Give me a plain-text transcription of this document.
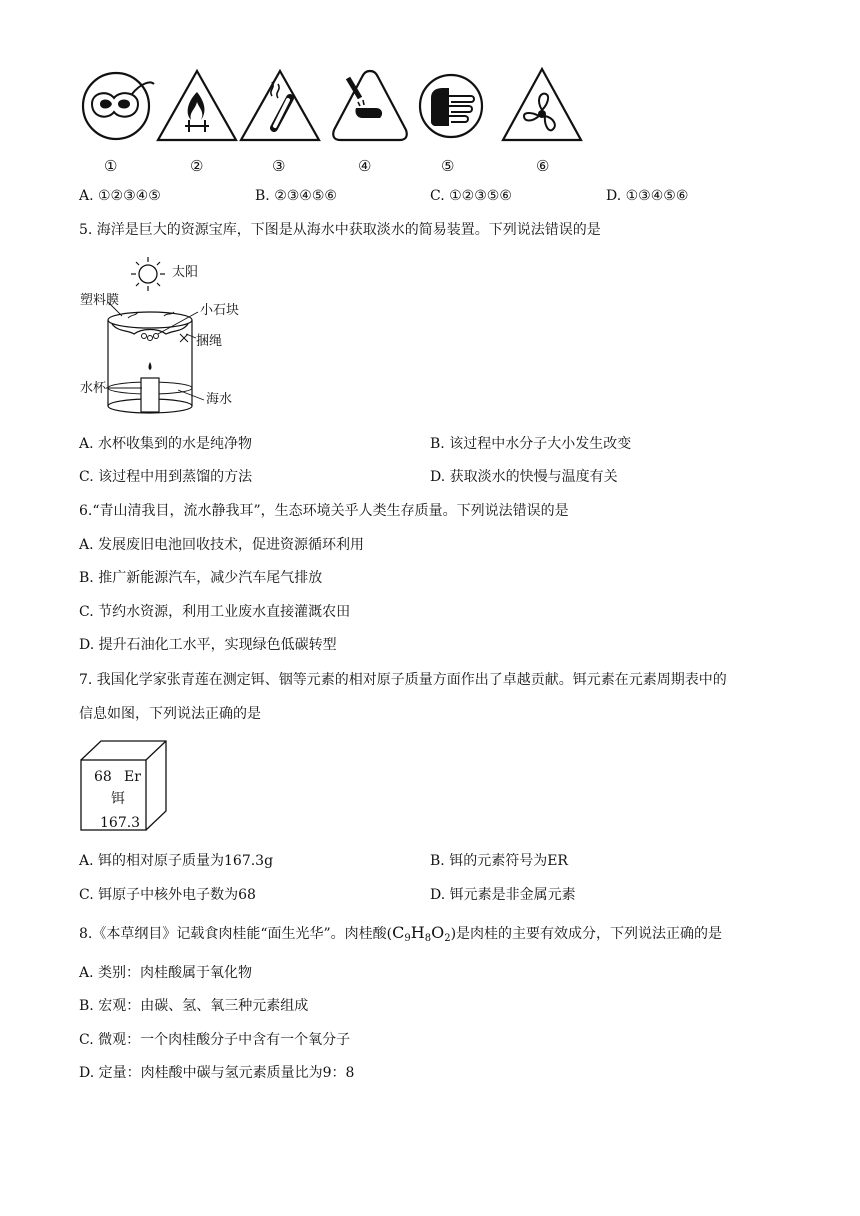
①	②	③	④	⑤	⑥
A. ①②③④⑤	B. ②③④⑤⑥	C. ①②③⑤⑥	D. ①③④⑤⑥
5. 海洋是巨大的资源宝库，下图是从海水中获取淡水的简易装置。下列说法错误的是
太阳
塑料膜
小石块
捆绳
水杯
海水
A. 水杯收集到的水是纯净物	B. 该过程中水分子大小发生改变
C. 该过程中用到蒸馏的方法	D. 获取淡水的快慢与温度有关
6.“青山清我目，流水静我耳”，生态环境关乎人类生存质量。下列说法错误的是
A. 发展废旧电池回收技术，促进资源循环利用
B. 推广新能源汽车，减少汽车尾气排放
C. 节约水资源，利用工业废水直接灌溉农田
D. 提升石油化工水平，实现绿色低碳转型
7. 我国化学家张青莲在测定铒、铟等元素的相对原子质量方面作出了卓越贡献。铒元素在元素周期表中的
信息如图，下列说法正确的是
68 Er
铒
167.3
A. 铒的相对原子质量为167.3g	B. 铒的元素符号为ER
C. 铒原子中核外电子数为68	D. 铒元素是非金属元素
8.《本草纲目》记载食肉桂能“面生光华”。肉桂酸$(C_9H_8O_2)$是肉桂的主要有效成分，下列说法正确的是
A. 类别：肉桂酸属于氧化物
B. 宏观：由碳、氢、氧三种元素组成
C. 微观：一个肉桂酸分子中含有一个氧分子
D. 定量：肉桂酸中碳与氢元素质量比为9：8
